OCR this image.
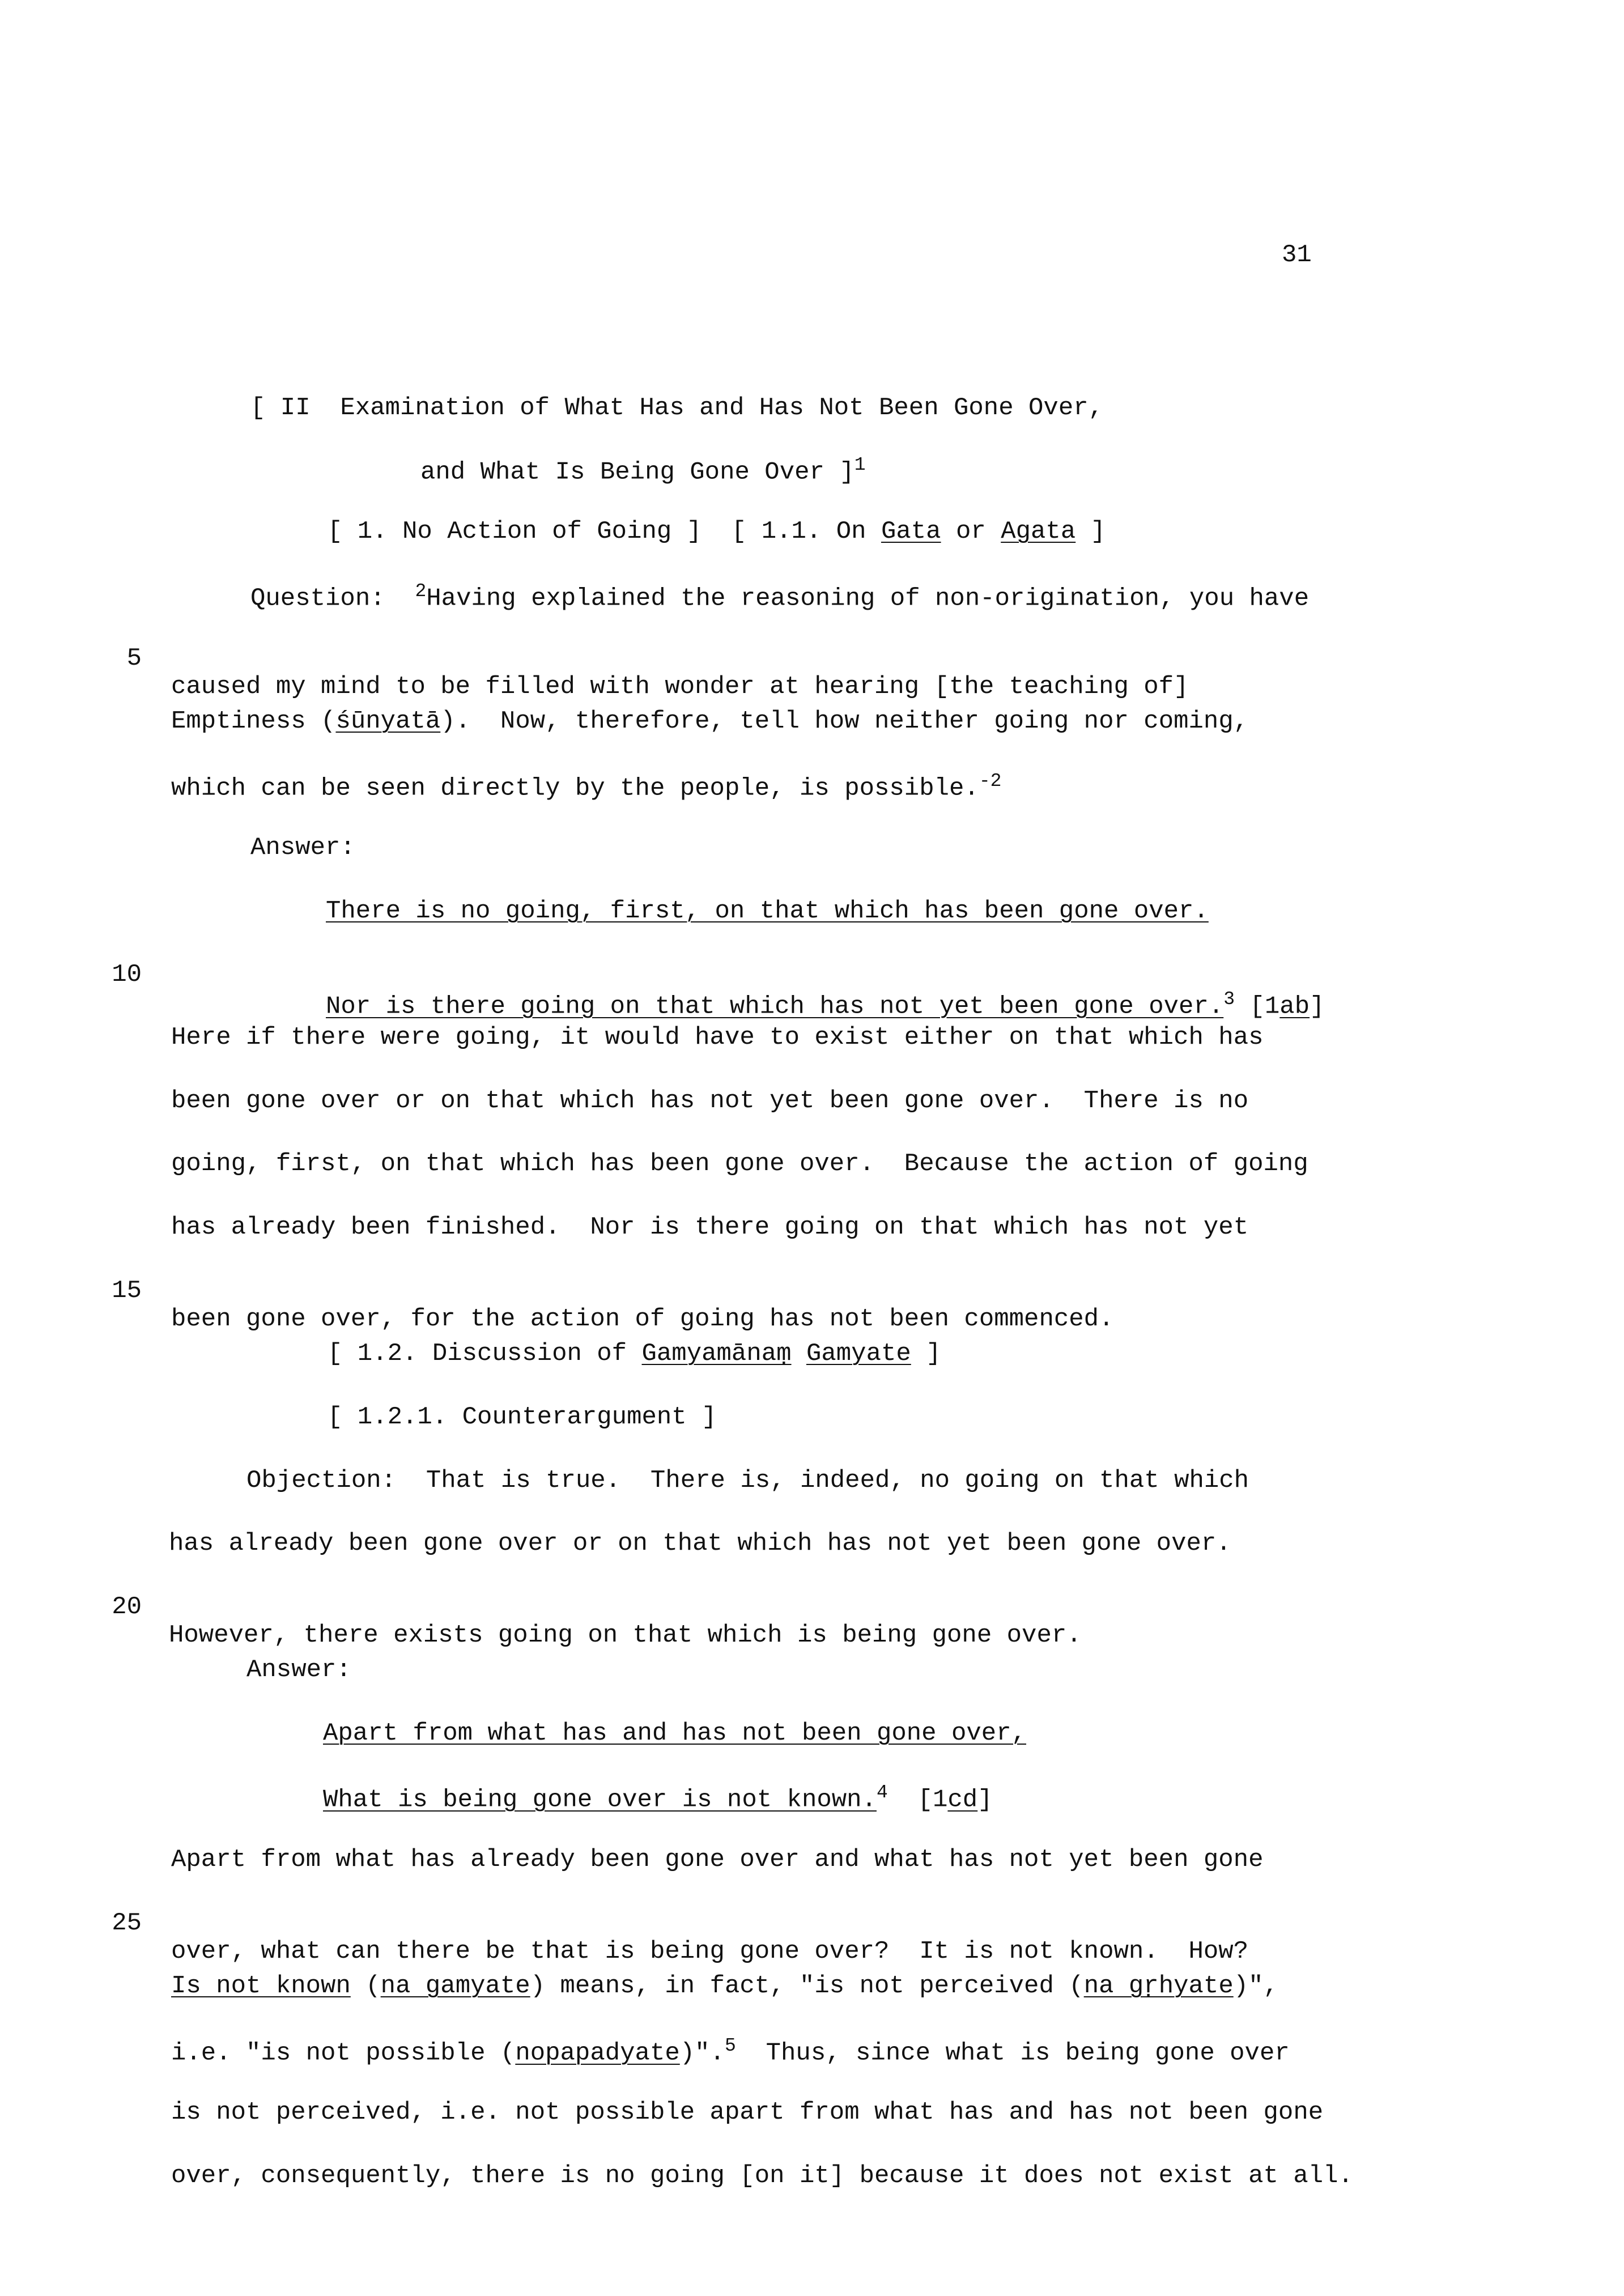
31

[ II  Examination of What Has and Has Not Been Gone Over,

and What Is Being Gone Over ]$^1$

[ 1. No Action of Going ]  [ 1.1. On Gata or Agata ]

Question:  $^2$Having explained the reasoning of non-origination, you have

5

caused my mind to be filled with wonder at hearing [the teaching of]

Emptiness (śūnyatā).  Now, therefore, tell how neither going nor coming,

which can be seen directly by the people, is possible.$^{-2}$

Answer:

There is no going, first, on that which has been gone over.

10

Nor is there going on that which has not yet been gone over.$^3$ [1ab]

Here if there were going, it would have to exist either on that which has

been gone over or on that which has not yet been gone over.  There is no

going, first, on that which has been gone over.  Because the action of going

has already been finished.  Nor is there going on that which has not yet

15

been gone over, for the action of going has not been commenced.

[ 1.2. Discussion of Gamyamānaṃ Gamyate ]

[ 1.2.1. Counterargument ]

Objection:  That is true.  There is, indeed, no going on that which

has already been gone over or on that which has not yet been gone over.

20

However, there exists going on that which is being gone over.

Answer:

Apart from what has and has not been gone over,

What is being gone over is not known.$^4$  [1cd]

Apart from what has already been gone over and what has not yet been gone

25

over, what can there be that is being gone over?  It is not known.  How?

Is not known (na gamyate) means, in fact, "is not perceived (na gṛhyate)",

i.e. "is not possible (nopapadyate)".$^5$  Thus, since what is being gone over

is not perceived, i.e. not possible apart from what has and has not been gone

over, consequently, there is no going [on it] because it does not exist at all.
